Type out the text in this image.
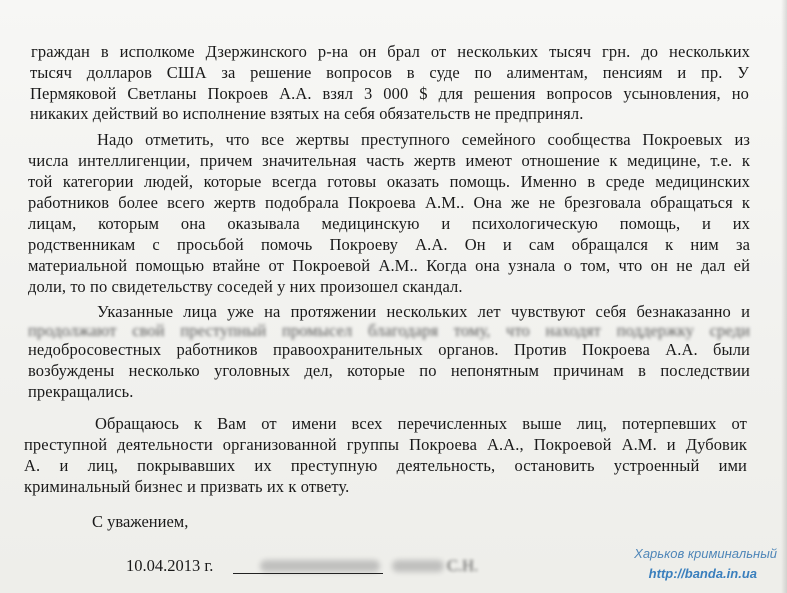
граждан в исполкоме Дзержинского р-на он брал от нескольких тысяч грн. до нескольких
тысяч долларов США за решение вопросов в суде по алиментам, пенсиям и пр. У
Пермяковой Светланы Покроев А.А. взял 3 000 $ для решения вопросов усыновления, но
никаких действий во исполнение взятых на себя обязательств не предпринял.
Надо отметить, что все жертвы преступного семейного сообщества Покроевых из
числа интеллигенции, причем значительная часть жертв имеют отношение к медицине, т.е. к
той категории людей, которые всегда готовы оказать помощь. Именно в среде медицинских
работников более всего жертв подобрала Покроева А.М.. Она же не брезговала обращаться к
лицам, которым она оказывала медицинскую и психологическую помощь, и их
родственникам с просьбой помочь Покроеву А.А. Он и сам обращался к ним за
материальной помощью втайне от Покроевой А.М.. Когда она узнала о том, что он не дал ей
доли, то по свидетельству соседей у них произошел скандал.
Указанные лица уже на протяжении нескольких лет чувствуют себя безнаказанно и
продолжают свой преступный промысел благодаря тому, что находят поддержку среди
недобросовестных работников правоохранительных органов. Против Покроева А.А. были
возбуждены несколько уголовных дел, которые по непонятным причинам в последствии
прекращались.
Обращаюсь к Вам от имени всех перечисленных выше лиц, потерпевших от
преступной деятельности организованной группы Покроева А.А., Покроевой А.М. и Дубовик
А. и лиц, покрывавших их преступную деятельность, остановить устроенный ими
криминальный бизнес и призвать их к ответу.
С уважением,
10.04.2013 г.	С.Н.
Харьков криминальный
http://banda.in.ua
